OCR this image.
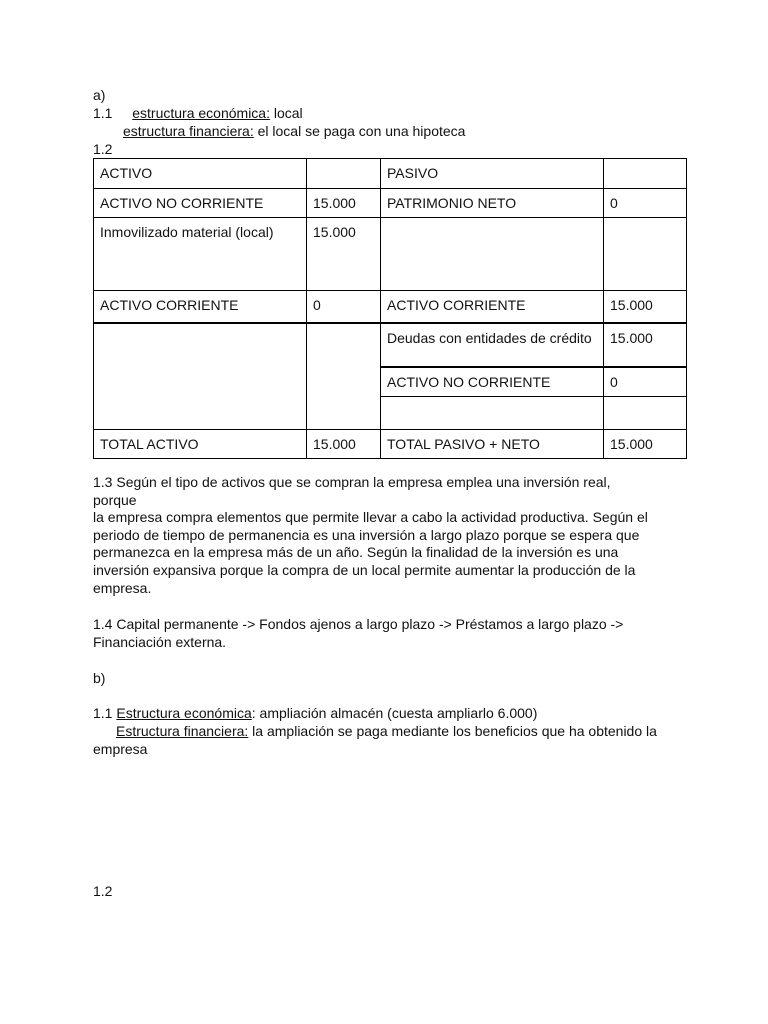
a)
1.1 estructura económica: local
estructura financiera: el local se paga con una hipoteca
1.2
ACTIVO		PASIVO	
ACTIVO NO CORRIENTE	15.000	PATRIMONIO NETO	0
Inmovilizado material (local)	15.000		
ACTIVO CORRIENTE	0	ACTIVO CORRIENTE	15.000
		Deudas con entidades de crédito	15.000
		ACTIVO NO CORRIENTE	0

TOTAL ACTIVO	15.000	TOTAL PASIVO + NETO	15.000
1.3 Según el tipo de activos que se compran la empresa emplea una inversión real, porque
la empresa compra elementos que permite llevar a cabo la actividad productiva. Según el
periodo de tiempo de permanencia es una inversión a largo plazo porque se espera que
permanezca en la empresa más de un año. Según la finalidad de la inversión es una
inversión expansiva porque la compra de un local permite aumentar la producción de la
empresa.
1.4 Capital permanente -> Fondos ajenos a largo plazo -> Préstamos a largo plazo ->
Financiación externa.
b)
1.1 Estructura económica: ampliación almacén (cuesta ampliarlo 6.000)
Estructura financiera: la ampliación se paga mediante los beneficios que ha obtenido la
empresa
1.2
